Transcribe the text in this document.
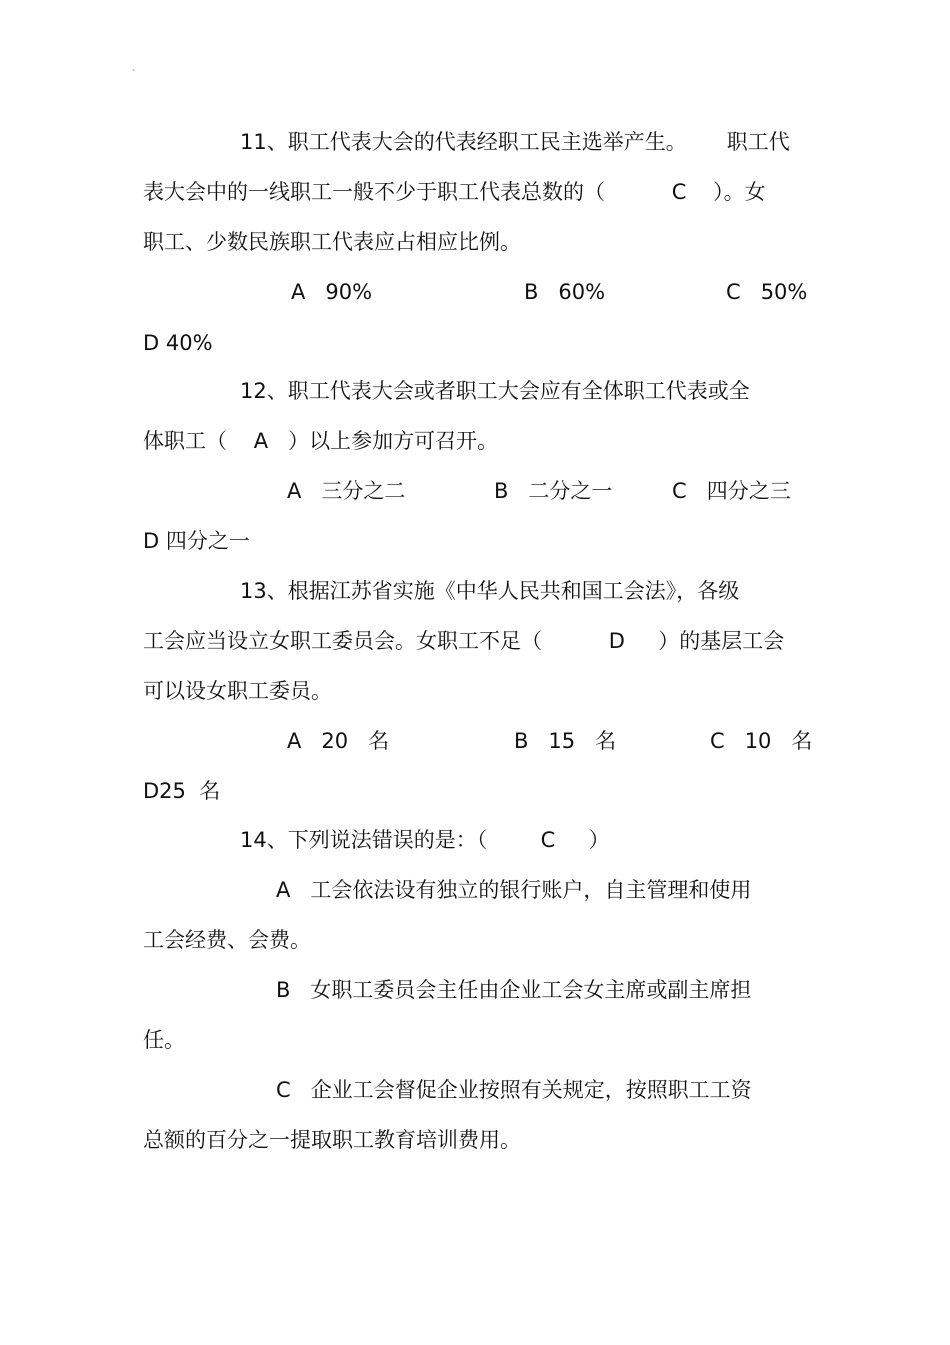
、
11、职工代表大会的代表经职工民主选举产生。      职工代
表大会中的一线职工一般不少于职工代表总数的（          C    ）。女
职工、少数民族职工代表应占相应比例。
A   90%	B   60%	C   50%
D 40%
12、职工代表大会或者职工大会应有全体职工代表或全
体职工（    A   ）以上参加方可召开。
A   三分之二	B   二分之一	C   四分之三
D 四分之一
13、根据江苏省实施《中华人民共和国工会法》，各级
工会应当设立女职工委员会。女职工不足（          D     ）的基层工会
可以设女职工委员。
A   20   名	B   15   名	C   10   名
D25  名
14、下列说法错误的是：（        C     ）
A   工会依法设有独立的银行账户，自主管理和使用
工会经费、会费。
B   女职工委员会主任由企业工会女主席或副主席担
任。
C   企业工会督促企业按照有关规定，按照职工工资
总额的百分之一提取职工教育培训费用。
